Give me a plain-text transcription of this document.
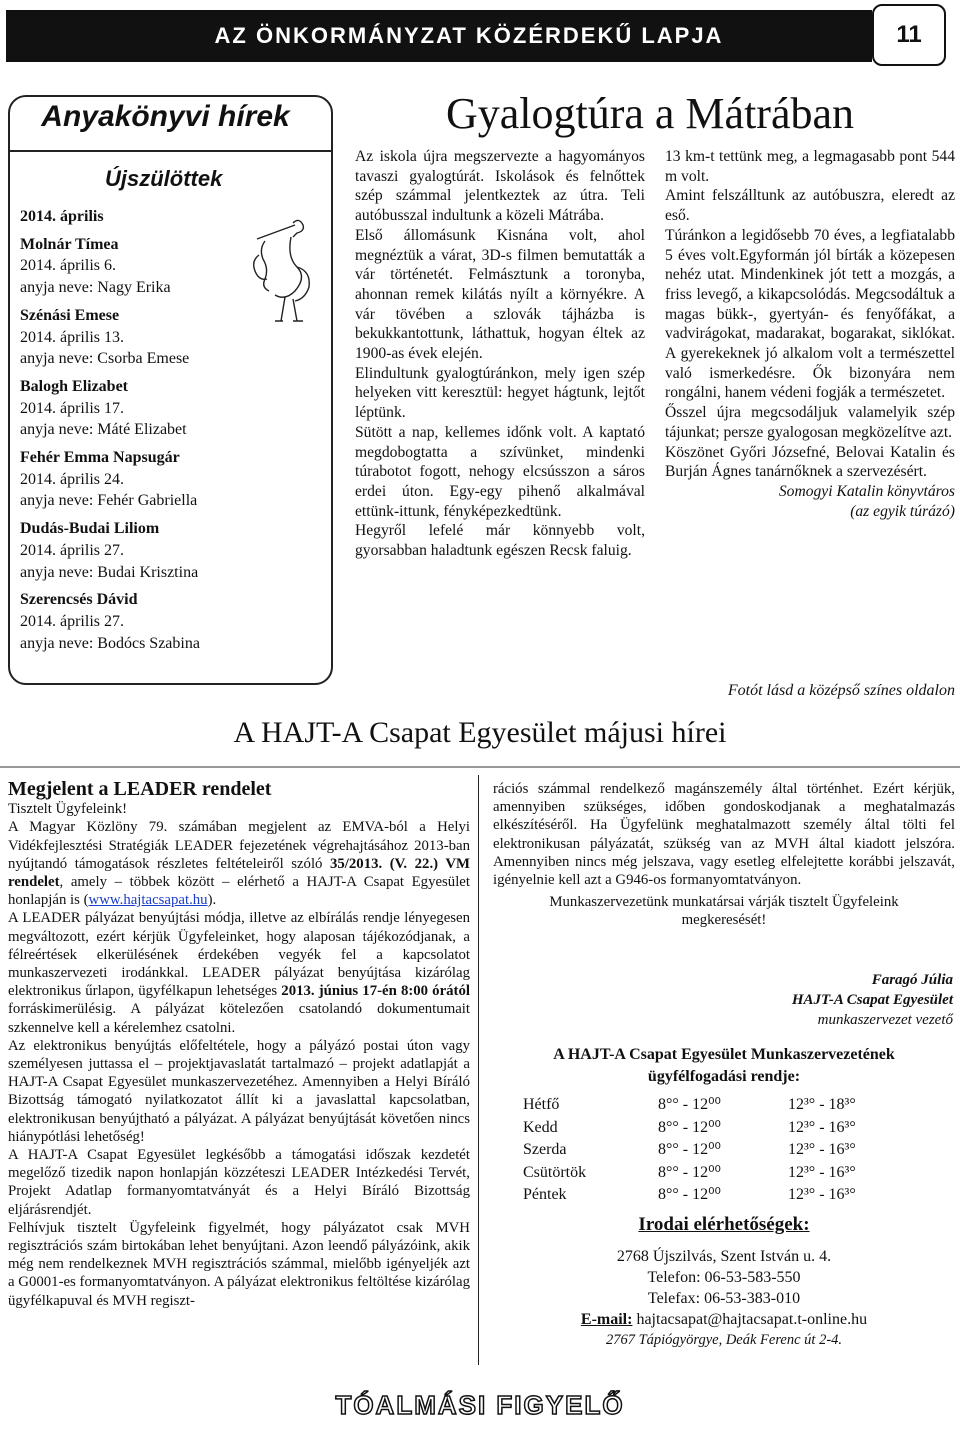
AZ ÖNKORMÁNYZAT KÖZÉRDEKŰ LAPJA	11
Anyakönyvi hírek
Újszülöttek
2014. április
Molnár Tímea
2014. április 6.
anyja neve: Nagy Erika
Szénási Emese
2014. április 13.
anyja neve: Csorba Emese
Balogh Elizabet
2014. április 17.
anyja neve: Máté Elizabet
Fehér Emma Napsugár
2014. április 24.
anyja neve: Fehér Gabriella
Dudás-Budai Liliom
2014. április 27.
anyja neve: Budai Krisztina
Szerencsés Dávid
2014. április 27.
anyja neve: Bodócs Szabina
Gyalogtúra a Mátrában

Az iskola újra megszervezte a hagyományos tavaszi gyalogtúrát. Iskolások és felnőttek szép számmal jelentkeztek az útra. Teli autóbusszal indultunk a közeli Mátrába.

Első állomásunk Kisnána volt, ahol megnéztük a várat, 3D-s filmen bemutatták a vár történetét. Felmásztunk a toronyba, ahonnan remek kilátás nyílt a környékre. A vár tövében a szlovák tájházba is bekukkantottunk, láthattuk, hogyan éltek az 1900-as évek elején.

Elindultunk gyalogtúránkon, mely igen szép helyeken vitt keresztül: hegyet hágtunk, lejtőt léptünk.

Sütött a nap, kellemes időnk volt. A kaptató megdobogtatta a szívünket, mindenki túrabotot fogott, nehogy elcsússzon a sáros erdei úton. Egy-egy pihenő alkalmával ettünk-ittunk, fényképezkedtünk.

Hegyről lefelé már könnyebb volt, gyorsabban haladtunk egészen Recsk faluig.

13 km-t tettünk meg, a legmagasabb pont 544 m volt.

Amint felszálltunk az autóbuszra, eleredt az eső.

Túránkon a legidősebb 70 éves, a legfiatalabb 5 éves volt.Egyformán jól bírták a közepesen nehéz utat. Mindenkinek jót tett a mozgás, a friss levegő, a kikapcsolódás. Megcsodáltuk a magas bükk-, gyertyán- és fenyőfákat, a vadvirágokat, madarakat, bogarakat, siklókat. A gyerekeknek jó alkalom volt a természettel való ismerkedésre. Ők bizonyára nem rongálni, hanem védeni fogják a természetet.

Ősszel újra megcsodáljuk valamelyik szép tájunkat; persze gyalogosan megközelítve azt.

Köszönet Győri Józsefné, Belovai Katalin és Burján Ágnes tanárnőknek a szervezésért.

Somogyi Katalin könyvtáros

(az egyik túrázó)

Fotót lásd a középső színes oldalon
A HAJT-A Csapat Egyesület májusi hírei
Megjelent a LEADER rendelet

Tisztelt Ügyfeleink!

A Magyar Közlöny 79. számában megjelent az EMVA-ból a Helyi Vidékfejlesztési Stratégiák LEADER fejezetének végrehajtásához 2013-ban nyújtandó támogatások részletes feltételeiről szóló 35/2013. (V. 22.) VM rendelet, amely – többek között – elérhető a HAJT-A Csapat Egyesület honlapján is (www.hajtacsapat.hu).

A LEADER pályázat benyújtási módja, illetve az elbírálás rendje lényegesen megváltozott, ezért kérjük Ügyfeleinket, hogy alaposan tájékozódjanak, a félreértések elkerülésének érdekében vegyék fel a kapcsolatot munkaszervezeti irodánkkal. LEADER pályázat benyújtása kizárólag elektronikus űrlapon, ügyfélkapun lehetséges 2013. június 17-én 8:00 órától forráskimerülésig. A pályázat kötelezően csatolandó dokumentumait szkennelve kell a kérelemhez csatolni.

Az elektronikus benyújtás előfeltétele, hogy a pályázó postai úton vagy személyesen juttassa el – projektjavaslatát tartalmazó – projekt adatlapját a HAJT-A Csapat Egyesület munkaszervezetéhez. Amennyiben a Helyi Bíráló Bizottság támogató nyilatkozatot állít ki a javaslattal kapcsolatban, elektronikusan benyújtható a pályázat. A pályázat benyújtását követően nincs hiánypótlási lehetőség!

A HAJT-A Csapat Egyesület legkésőbb a támogatási időszak kezdetét megelőző tizedik napon honlapján közzéteszi LEADER Intézkedési Tervét, Projekt Adatlap formanyomtatványát és a Helyi Bíráló Bizottság eljárásrendjét.

Felhívjuk tisztelt Ügyfeleink figyelmét, hogy pályázatot csak MVH regisztrációs szám birtokában lehet benyújtani. Azon leendő pályázóink, akik még nem rendelkeznek MVH regisztrációs számmal, mielőbb igényeljék azt a G0001-es formanyomtatványon. A pályázat elektronikus feltöltése kizárólag ügyfélkapuval és MVH regiszt-

rációs számmal rendelkező magánszemély által történhet. Ezért kérjük, amennyiben szükséges, időben gondoskodjanak a meghatalmazás elkészítéséről. Ha Ügyfelünk meghatalmazott személy által tölti fel elektronikusan pályázatát, szükség van az MVH által kiadott jelszóra. Amennyiben nincs még jelszava, vagy esetleg elfelejtette korábbi jelszavát, igényelnie kell azt a G946-os formanyomtatványon.

Munkaszervezetünk munkatársai várják tisztelt Ügyfeleink megkeresését!

Faragó Júlia
HAJT-A Csapat Egyesület
munkaszervezet vezető
A HAJT-A Csapat Egyesület Munkaszervezetének ügyfélfogadási rendje:
Hétfő	8°° - 12⁰⁰	12³° - 18³°
Kedd	8°° - 12⁰⁰	12³° - 16³°
Szerda	8°° - 12⁰⁰	12³° - 16³°
Csütörtök	8°° - 12⁰⁰	12³° - 16³°
Péntek	8°° - 12⁰⁰	12³° - 16³°
Irodai elérhetőségek:
2768 Újszilvás, Szent István u. 4.
Telefon: 06-53-583-550
Telefax: 06-53-383-010
E-mail: hajtacsapat@hajtacsapat.t-online.hu
2767 Tápiógyörgye, Deák Ferenc út 2-4.
TÓALMÁSI FIGYELŐ
